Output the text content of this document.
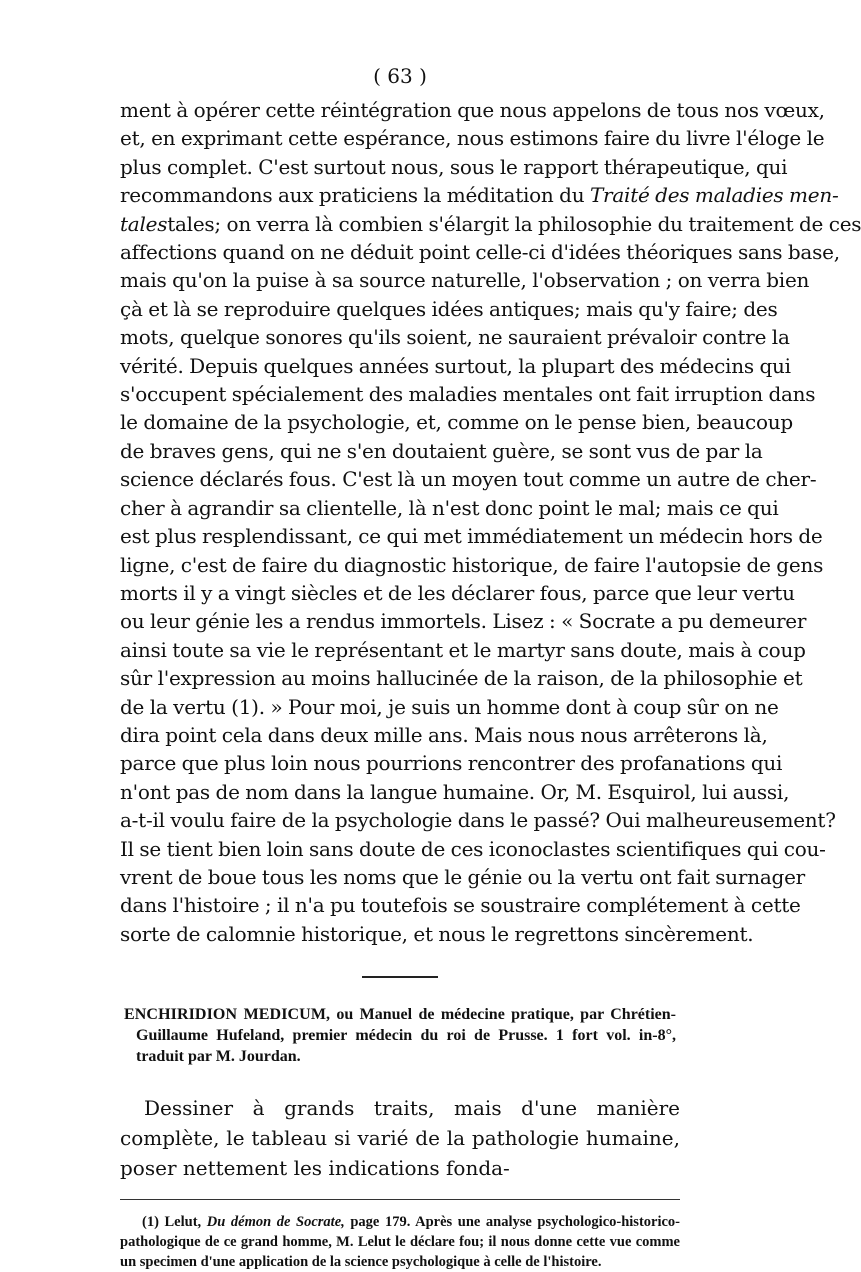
( 63 )

ment à opérer cette réintégration que nous appelons de tous nos vœux,
et, en exprimant cette espérance, nous estimons faire du livre l'éloge le
plus complet. C'est surtout nous, sous le rapport thérapeutique, qui
recommandons aux praticiens la méditation du Traité des maladies men-
talestales; on verra là combien s'élargit la philosophie du traitement de ces
affections quand on ne déduit point celle-ci d'idées théoriques sans base,
mais qu'on la puise à sa source naturelle, l'observation ; on verra bien
çà et là se reproduire quelques idées antiques; mais qu'y faire; des
mots, quelque sonores qu'ils soient, ne sauraient prévaloir contre la
vérité. Depuis quelques années surtout, la plupart des médecins qui
s'occupent spécialement des maladies mentales ont fait irruption dans
le domaine de la psychologie, et, comme on le pense bien, beaucoup
de braves gens, qui ne s'en doutaient guère, se sont vus de par la
science déclarés fous. C'est là un moyen tout comme un autre de cher-
cher à agrandir sa clientelle, là n'est donc point le mal; mais ce qui
est plus resplendissant, ce qui met immédiatement un médecin hors de
ligne, c'est de faire du diagnostic historique, de faire l'autopsie de gens
morts il y a vingt siècles et de les déclarer fous, parce que leur vertu
ou leur génie les a rendus immortels. Lisez : « Socrate a pu demeurer
ainsi toute sa vie le représentant et le martyr sans doute, mais à coup
sûr l'expression au moins hallucinée de la raison, de la philosophie et
de la vertu (1). » Pour moi, je suis un homme dont à coup sûr on ne
dira point cela dans deux mille ans. Mais nous nous arrêterons là,
parce que plus loin nous pourrions rencontrer des profanations qui
n'ont pas de nom dans la langue humaine. Or, M. Esquirol, lui aussi,
a-t-il voulu faire de la psychologie dans le passé? Oui malheureusement?
Il se tient bien loin sans doute de ces iconoclastes scientifiques qui cou-
vrent de boue tous les noms que le génie ou la vertu ont fait surnager
dans l'histoire ; il n'a pu toutefois se soustraire complétement à cette
sorte de calomnie historique, et nous le regrettons sincèrement.

ENCHIRIDION MEDICUM, ou Manuel de médecine pratique, par Chrétien-Guillaume Hufeland, premier médecin du roi de Prusse. 1 fort vol. in-8°, traduit par M. Jourdan.

Dessiner à grands traits, mais d'une manière complète, le tableau si varié de la pathologie humaine, poser nettement les indications fonda-

(1) Lelut, Du démon de Socrate, page 179. Après une analyse psychologico-historico-pathologique de ce grand homme, M. Lelut le déclare fou; il nous donne cette vue comme un specimen d'une application de la science psychologique à celle de l'histoire.
